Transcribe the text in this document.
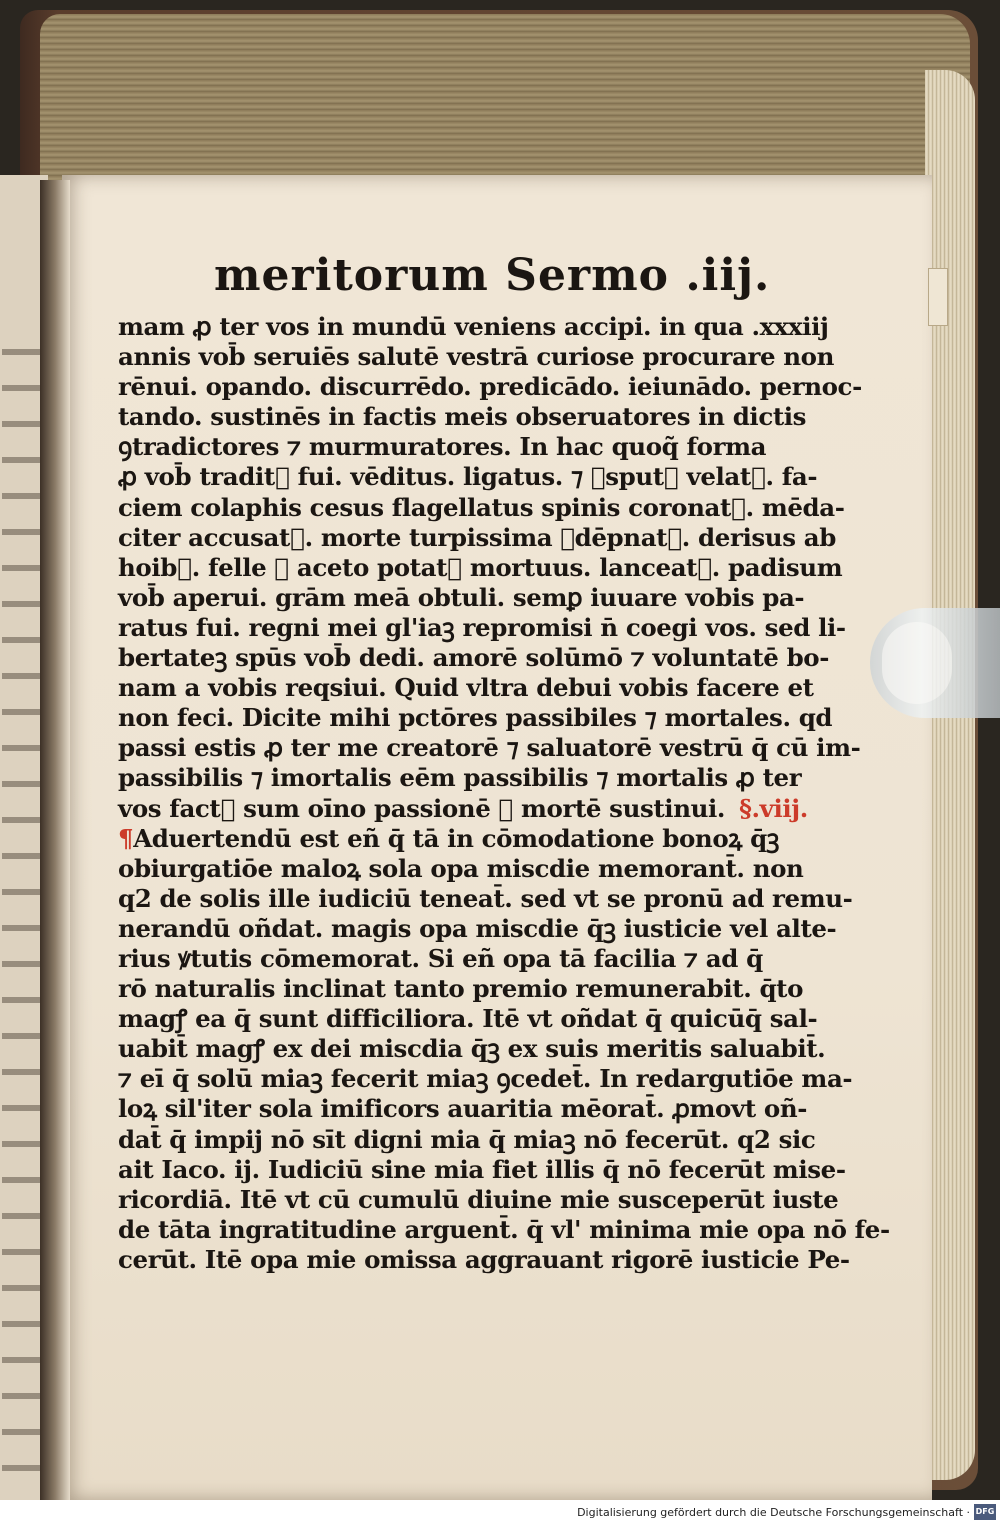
meritorum Sermo .iij.
mam ꝓ ter vos in mundū veniens accipi. in qua .xxxiij
annis vob̄ seruiēs salutē vestrā curiose procurare non
rēnui. opando. discurrēdo. predicādo. ieiunādo. pernoc-
tando. sustinēs in factis meis obseruatores in dictis
ꝯtradictores ⁊ murmuratores. In hac quoq̃ forma
ꝓ vob̄ tradit᷒ fui. vēditus. ligatus. ⁊ ꝯsput᷒ velat᷒. fa-
ciem colaphis cesus flagellatus spinis coronat᷒. mēda-
citer accusat᷒. morte turpissima ꝯdēpnat᷒. derisus ab
hoib᷒. felle ⁊ aceto potat᷒ mortuus. lanceat᷒. padisum
vob̄ aperui. grām meā obtuli. semꝑ iuuare vobis pa-
ratus fui. regni mei gl'iaꝫ repromisi n̄ coegi vos. sed li-
bertateꝫ spūs vob̄ dedi. amorē solūmō ⁊ voluntatē bo-
nam a vobis reqsiui. Quid vltra debui vobis facere et
non feci. Dicite mihi pctōres passibiles ⁊ mortales. qd
passi estis ꝓ ter me creatorē ⁊ saluatorē vestrū q̄ cū im-
passibilis ⁊ imortalis eēm passibilis ⁊ mortalis ꝓ ter
vos fact᷒ sum oīno passionē ⁊ mortē sustinui. §.viij.
¶Aduertendū est eñ q̄ tā in cōmodatione bonoꝝ q̄ꝫ
obiurgatiōe maloꝝ sola opa miscdie memorant̄. non
q2 de solis ille iudiciū teneat̄. sed vt se pronū ad remu-
nerandū oñdat. magis opa miscdie q̄ꝫ iusticie vel alte-
rius ꝟtutis cōmemorat. Si eñ opa tā facilia ⁊ ad q̄
rō naturalis inclinat tanto premio remunerabit. q̄to
magꝭ ea q̄ sunt difficiliora. Itē vt oñdat q̄ quicūq̄ sal-
uabit̄ magꝭ ex dei miscdia q̄ꝫ ex suis meritis saluabit̄.
⁊ eī q̄ solū miaꝫ fecerit miaꝫ ꝯcedet̄. In redargutiōe ma-
loꝝ sil'iter sola imificors auaritia mēorat̄. ꝓmovt oñ-
dat̄ q̄ impij nō sīt digni mia q̄ miaꝫ nō fecerūt. q2 sic
ait Iaco. ij. Iudiciū sine mia fiet illis q̄ nō fecerūt mise-
ricordiā. Itē vt cū cumulū diuine mie susceperūt iuste
de tāta ingratitudine arguent̄. q̄ vl' minima mie opa nō fe-
cerūt. Itē opa mie omissa aggrauant rigorē iusticie Pe-
Digitalisierung gefördert durch die Deutsche Forschungsgemeinschaft · DFG
